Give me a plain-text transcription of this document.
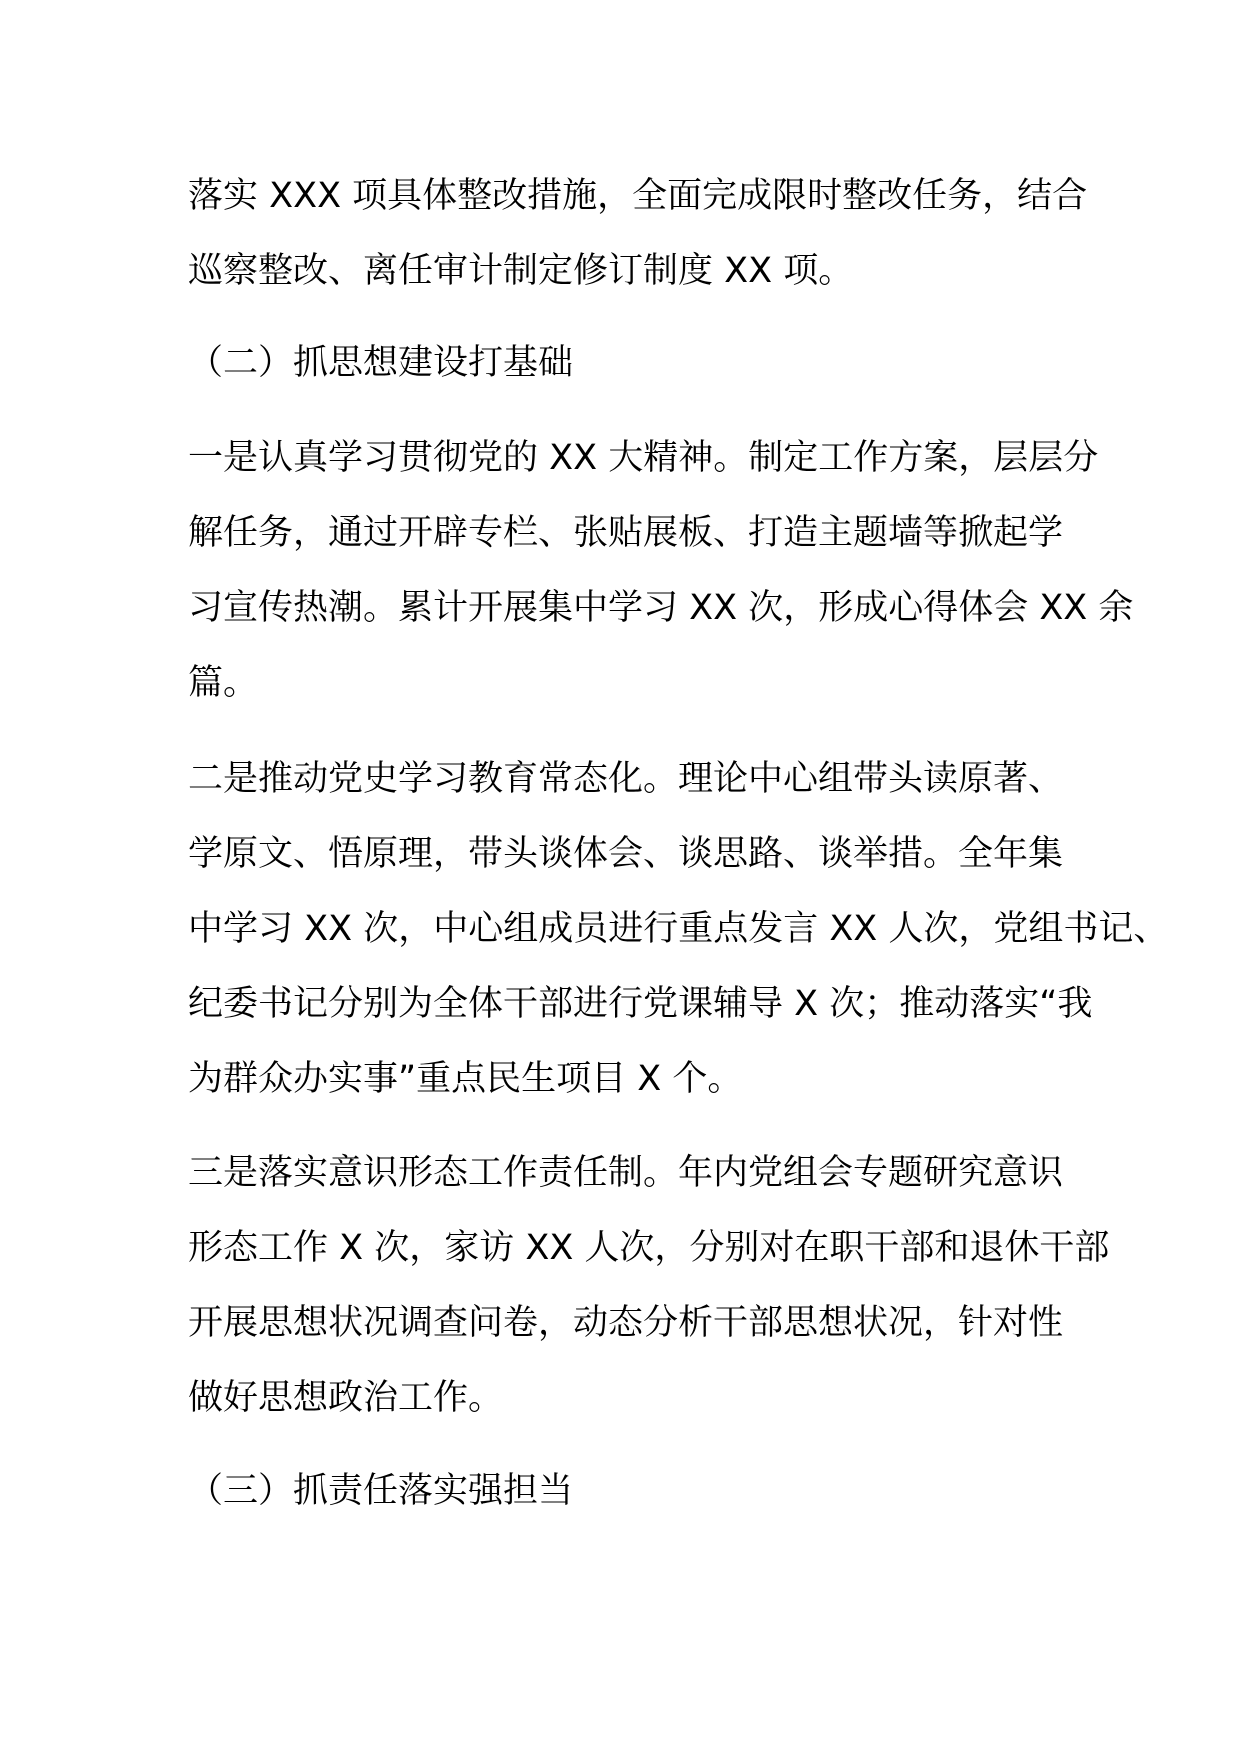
落实 XXX 项具体整改措施，全面完成限时整改任务，结合
巡察整改、离任审计制定修订制度 XX 项。
（二）抓思想建设打基础
一是认真学习贯彻党的 XX 大精神。制定工作方案，层层分
解任务，通过开辟专栏、张贴展板、打造主题墙等掀起学
习宣传热潮。累计开展集中学习 XX 次，形成心得体会 XX 余
篇。
二是推动党史学习教育常态化。理论中心组带头读原著、
学原文、悟原理，带头谈体会、谈思路、谈举措。全年集
中学习 XX 次，中心组成员进行重点发言 XX 人次，党组书记、
纪委书记分别为全体干部进行党课辅导 X 次；推动落实“我
为群众办实事”重点民生项目 X 个。
三是落实意识形态工作责任制。年内党组会专题研究意识
形态工作 X 次，家访 XX 人次，分别对在职干部和退休干部
开展思想状况调查问卷，动态分析干部思想状况，针对性
做好思想政治工作。
（三）抓责任落实强担当
